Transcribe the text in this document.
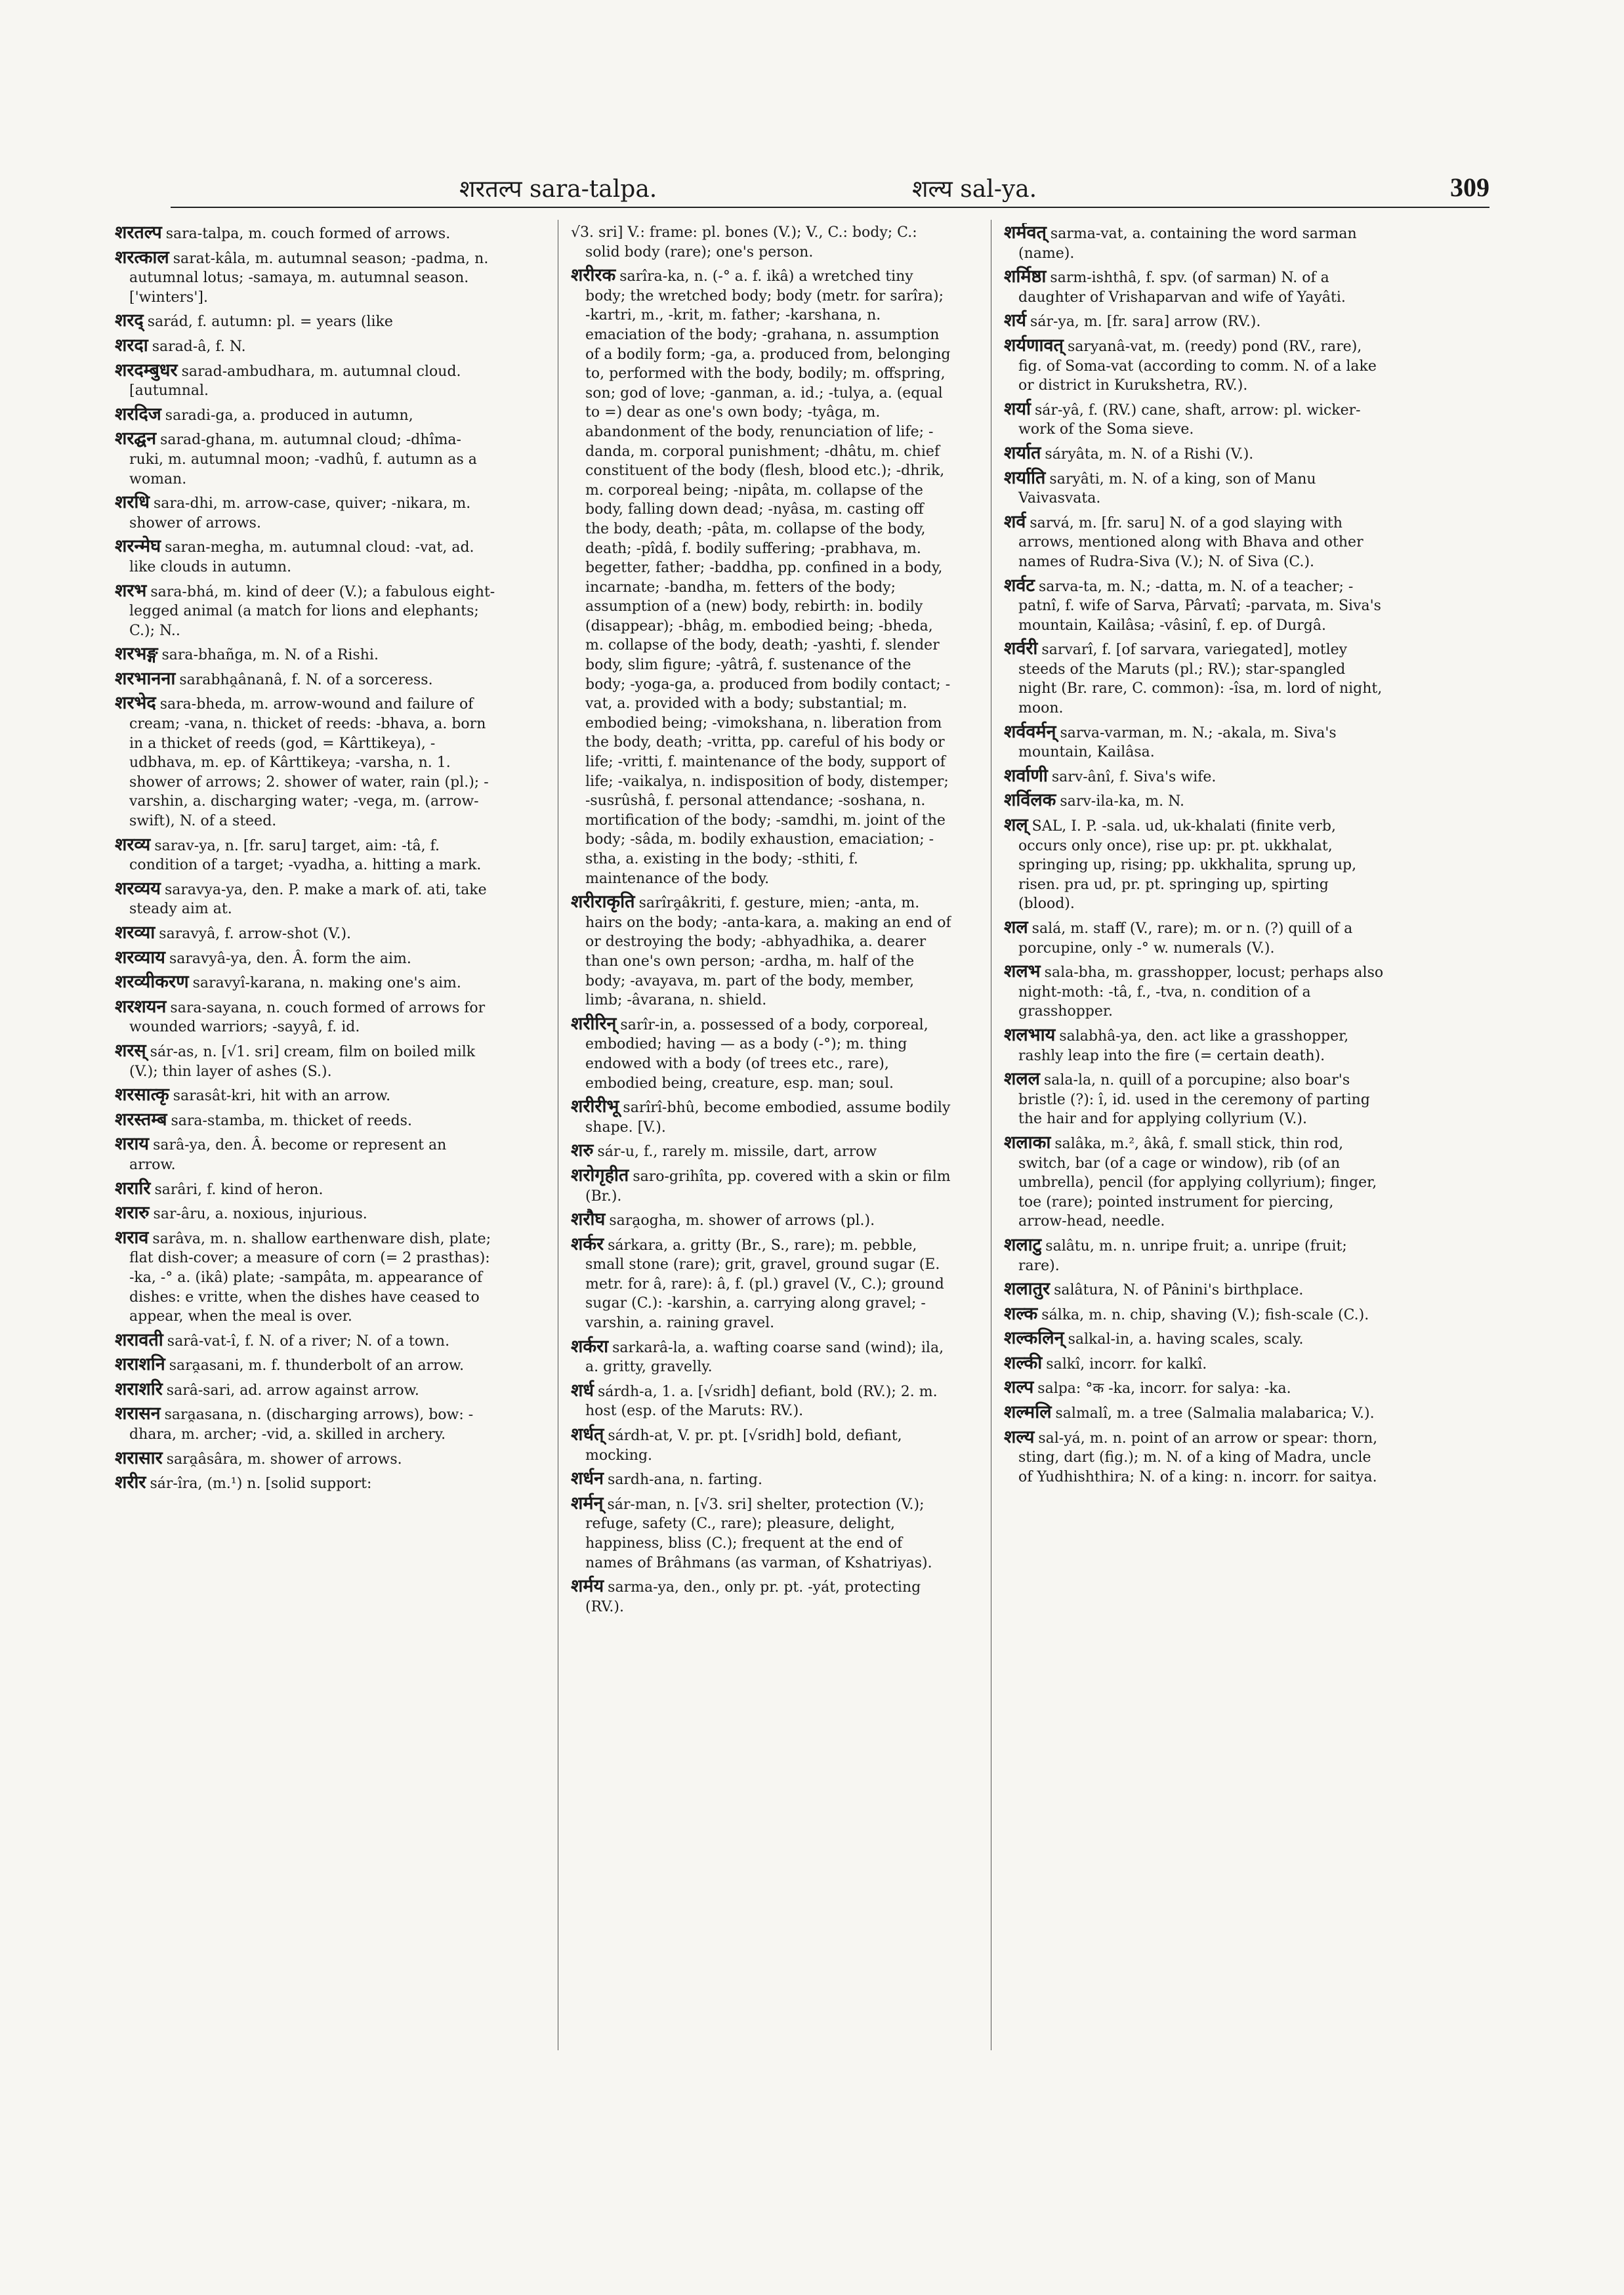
शरतल्प sara-talpa.	शल्य sal-ya.	309
शरतल्प sara-talpa, m. couch formed of arrows.
शरत्काल sarat-kâla, m. autumnal season; -padma, n. autumnal lotus; -samaya, m. autumnal season. ['winters'].
शरद् sarád, f. autumn: pl. = years (like
शरदा sarad-â, f. N.
शरदम्बुधर sarad-ambudhara, m. autumnal cloud. [autumnal.
शरदिज saradi-ga, a. produced in autumn,
शरद्घन sarad-ghana, m. autumnal cloud; -dhîma-ruki, m. autumnal moon; -vadhû, f. autumn as a woman.
शरधि sara-dhi, m. arrow-case, quiver; -nikara, m. shower of arrows.
शरन्मेघ saran-megha, m. autumnal cloud: -vat, ad. like clouds in autumn.
शरभ sara-bhá, m. kind of deer (V.); a fabulous eight-legged animal (a match for lions and elephants; C.); N..
शरभङ्ग sara-bhañga, m. N. of a Rishi.
शरभानना sarabha̯ânanâ, f. N. of a sorceress.
शरभेद sara-bheda, m. arrow-wound and failure of cream; -vana, n. thicket of reeds: -bhava, a. born in a thicket of reeds (god, = Kârttikeya), -udbhava, m. ep. of Kârttikeya; -varsha, n. 1. shower of arrows; 2. shower of water, rain (pl.); -varshin, a. discharging water; -vega, m. (arrow-swift), N. of a steed.
शरव्य sarav-ya, n. [fr. saru] target, aim: -tâ, f. condition of a target; -vyadha, a. hitting a mark.
शरव्यय saravya-ya, den. P. make a mark of. ati, take steady aim at.
शरव्या saravyâ, f. arrow-shot (V.).
शरव्याय saravyâ-ya, den. Â. form the aim.
शरव्यीकरण saravyî-karana, n. making one's aim.
शरशयन sara-sayana, n. couch formed of arrows for wounded warriors; -sayyâ, f. id.
शरस् sár-as, n. [√1. sri] cream, film on boiled milk (V.); thin layer of ashes (S.).
शरसात्कृ sarasât-kri, hit with an arrow.
शरस्तम्ब sara-stamba, m. thicket of reeds.
शराय sarâ-ya, den. Â. become or represent an arrow.
शरारि sarâri, f. kind of heron.
शरारु sar-âru, a. noxious, injurious.
शराव sarâva, m. n. shallow earthenware dish, plate; flat dish-cover; a measure of corn (= 2 prasthas): -ka, -° a. (ikâ) plate; -sampâta, m. appearance of dishes: e vritte, when the dishes have ceased to appear, when the meal is over.
शरावती sarâ-vat-î, f. N. of a river; N. of a town.
शराशनि sara̯asani, m. f. thunderbolt of an arrow.
शराशरि sarâ-sari, ad. arrow against arrow.
शरासन sara̯asana, n. (discharging arrows), bow: -dhara, m. archer; -vid, a. skilled in archery.
शरासार sara̯âsâra, m. shower of arrows.
शरीर sár-îra, (m.¹) n. [solid support:
√3. sri] V.: frame: pl. bones (V.); V., C.: body; C.: solid body (rare); one's person.
शरीरक sarîra-ka, n. (-° a. f. ikâ) a wretched tiny body; the wretched body; body (metr. for sarîra); -kartri, m., -krit, m. father; -karshana, n. emaciation of the body; -grahana, n. assumption of a bodily form; -ga, a. produced from, belonging to, performed with the body, bodily; m. offspring, son; god of love; -ganman, a. id.; -tulya, a. (equal to =) dear as one's own body; -tyâga, m. abandonment of the body, renunciation of life; -danda, m. corporal punishment; -dhâtu, m. chief constituent of the body (flesh, blood etc.); -dhrik, m. corporeal being; -nipâta, m. collapse of the body, falling down dead; -nyâsa, m. casting off the body, death; -pâta, m. collapse of the body, death; -pîdâ, f. bodily suffering; -prabhava, m. begetter, father; -baddha, pp. confined in a body, incarnate; -bandha, m. fetters of the body; assumption of a (new) body, rebirth: in. bodily (disappear); -bhâg, m. embodied being; -bheda, m. collapse of the body, death; -yashti, f. slender body, slim figure; -yâtrâ, f. sustenance of the body; -yoga-ga, a. produced from bodily contact; -vat, a. provided with a body; substantial; m. embodied being; -vimokshana, n. liberation from the body, death; -vritta, pp. careful of his body or life; -vritti, f. maintenance of the body, support of life; -vaikalya, n. indisposition of body, distemper; -susrûshâ, f. personal attendance; -soshana, n. mortification of the body; -samdhi, m. joint of the body; -sâda, m. bodily exhaustion, emaciation; -stha, a. existing in the body; -sthiti, f. maintenance of the body.
शरीराकृति sarîra̯âkriti, f. gesture, mien; -anta, m. hairs on the body; -anta-kara, a. making an end of or destroying the body; -abhyadhika, a. dearer than one's own person; -ardha, m. half of the body; -avayava, m. part of the body, member, limb; -âvarana, n. shield.
शरीरिन् sarîr-in, a. possessed of a body, corporeal, embodied; having — as a body (-°); m. thing endowed with a body (of trees etc., rare), embodied being, creature, esp. man; soul.
शरीरीभू sarîrî-bhû, become embodied, assume bodily shape. [V.).
शरु sár-u, f., rarely m. missile, dart, arrow
शरोगृहीत saro-grihîta, pp. covered with a skin or film (Br.).
शरौघ sara̯ogha, m. shower of arrows (pl.).
शर्कर sárkara, a. gritty (Br., S., rare); m. pebble, small stone (rare); grit, gravel, ground sugar (E. metr. for â, rare): â, f. (pl.) gravel (V., C.); ground sugar (C.): -karshin, a. carrying along gravel; -varshin, a. raining gravel.
शर्करा sarkarâ-la, a. wafting coarse sand (wind); ila, a. gritty, gravelly.
शर्ध sárdh-a, 1. a. [√sridh] defiant, bold (RV.); 2. m. host (esp. of the Maruts: RV.).
शर्धत् sárdh-at, V. pr. pt. [√sridh] bold, defiant, mocking.
शर्धन sardh-ana, n. farting.
शर्मन् sár-man, n. [√3. sri] shelter, protection (V.); refuge, safety (C., rare); pleasure, delight, happiness, bliss (C.); frequent at the end of names of Brâhmans (as varman, of Kshatriyas).
शर्मय sarma-ya, den., only pr. pt. -yát, protecting (RV.).
शर्मवत् sarma-vat, a. containing the word sarman (name).
शर्मिष्ठा sarm-ishthâ, f. spv. (of sarman) N. of a daughter of Vrishaparvan and wife of Yayâti.
शर्य sár-ya, m. [fr. sara] arrow (RV.).
शर्यणावत् saryanâ-vat, m. (reedy) pond (RV., rare), fig. of Soma-vat (according to comm. N. of a lake or district in Kurukshetra, RV.).
शर्या sár-yâ, f. (RV.) cane, shaft, arrow: pl. wicker-work of the Soma sieve.
शर्यात sáryâta, m. N. of a Rishi (V.).
शर्याति saryâti, m. N. of a king, son of Manu Vaivasvata.
शर्व sarvá, m. [fr. saru] N. of a god slaying with arrows, mentioned along with Bhava and other names of Rudra-Siva (V.); N. of Siva (C.).
शर्वट sarva-ta, m. N.; -datta, m. N. of a teacher; -patnî, f. wife of Sarva, Pârvatî; -parvata, m. Siva's mountain, Kailâsa; -vâsinî, f. ep. of Durgâ.
शर्वरी sarvarî, f. [of sarvara, variegated], motley steeds of the Maruts (pl.; RV.); star-spangled night (Br. rare, C. common): -îsa, m. lord of night, moon.
शर्ववर्मन् sarva-varman, m. N.; -akala, m. Siva's mountain, Kailâsa.
शर्वाणी sarv-ânî, f. Siva's wife.
शर्विलक sarv-ila-ka, m. N.
शल् SAL, I. P. -sala. ud, uk-khalati (finite verb, occurs only once), rise up: pr. pt. ukkhalat, springing up, rising; pp. ukkhalita, sprung up, risen. pra ud, pr. pt. springing up, spirting (blood).
शल salá, m. staff (V., rare); m. or n. (?) quill of a porcupine, only -° w. numerals (V.).
शलभ sala-bha, m. grasshopper, locust; perhaps also night-moth: -tâ, f., -tva, n. condition of a grasshopper.
शलभाय salabhâ-ya, den. act like a grasshopper, rashly leap into the fire (= certain death).
शलल sala-la, n. quill of a porcupine; also boar's bristle (?): î, id. used in the ceremony of parting the hair and for applying collyrium (V.).
शलाका salâka, m.², âkâ, f. small stick, thin rod, switch, bar (of a cage or window), rib (of an umbrella), pencil (for applying collyrium); finger, toe (rare); pointed instrument for piercing, arrow-head, needle.
शलाटु salâtu, m. n. unripe fruit; a. unripe (fruit; rare).
शलातुर salâtura, N. of Pânini's birthplace.
शल्क sálka, m. n. chip, shaving (V.); fish-scale (C.).
शल्कलिन् salkal-in, a. having scales, scaly.
शल्की salkî, incorr. for kalkî.
शल्प salpa: °क -ka, incorr. for salya: -ka.
शल्मलि salmalî, m. a tree (Salmalia malabarica; V.).
शल्य sal-yá, m. n. point of an arrow or spear: thorn, sting, dart (fig.); m. N. of a king of Madra, uncle of Yudhishthira; N. of a king: n. incorr. for saitya.
